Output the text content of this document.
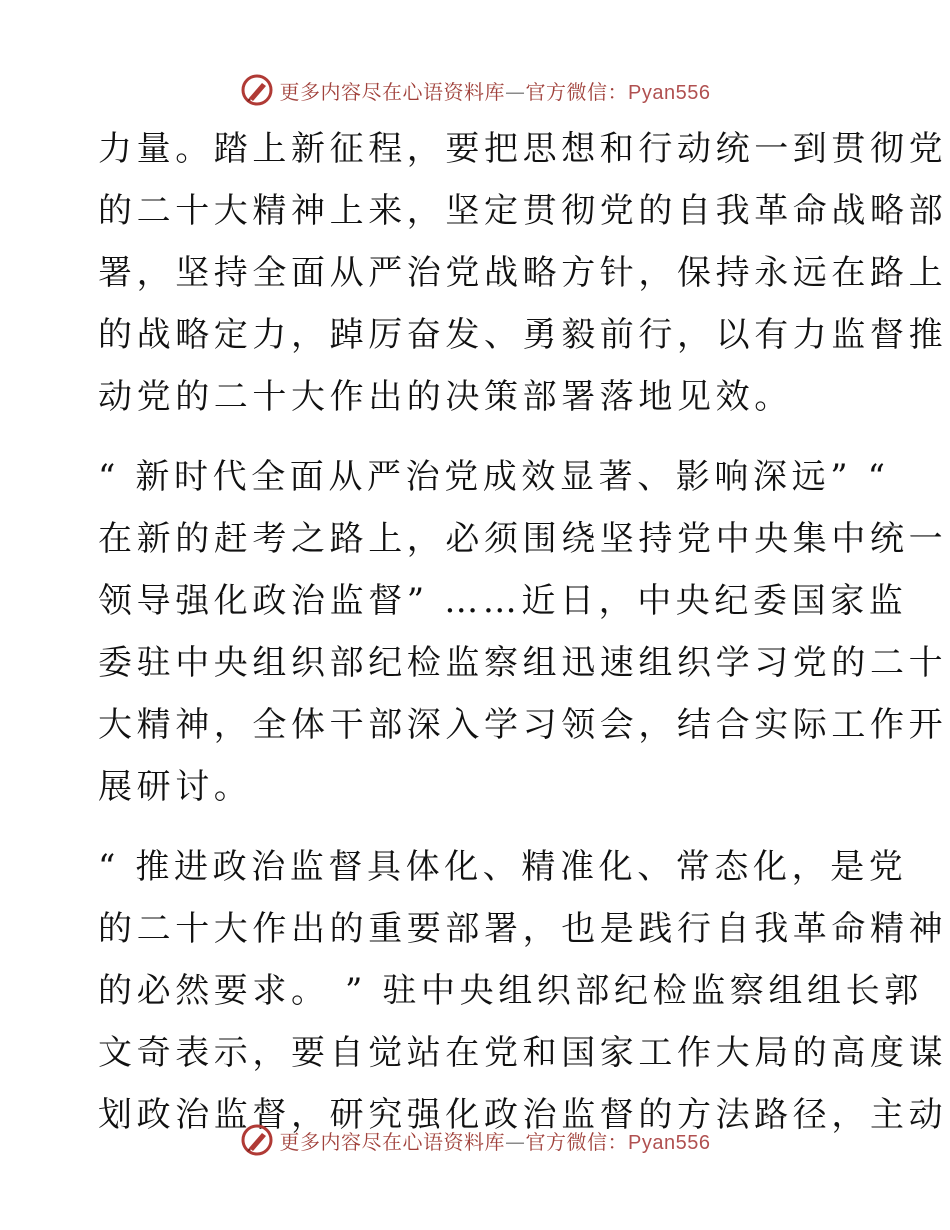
更多内容尽在心语资料库—官方微信：Pyan556
力量。踏上新征程，要把思想和行动统一到贯彻党
的二十大精神上来，坚定贯彻党的自我革命战略部
署，坚持全面从严治党战略方针，保持永远在路上
的战略定力，踔厉奋发、勇毅前行，以有力监督推
动党的二十大作出的决策部署落地见效。
“ 新时代全面从严治党成效显著、影响深远” “
在新的赶考之路上，必须围绕坚持党中央集中统一
领导强化政治监督” ……近日，中央纪委国家监
委驻中央组织部纪检监察组迅速组织学习党的二十
大精神，全体干部深入学习领会，结合实际工作开
展研讨。
“ 推进政治监督具体化、精准化、常态化，是党
的二十大作出的重要部署，也是践行自我革命精神
的必然要求。 ” 驻中央组织部纪检监察组组长郭
文奇表示，要自觉站在党和国家工作大局的高度谋
划政治监督，研究强化政治监督的方法路径，主动
更多内容尽在心语资料库—官方微信：Pyan556
